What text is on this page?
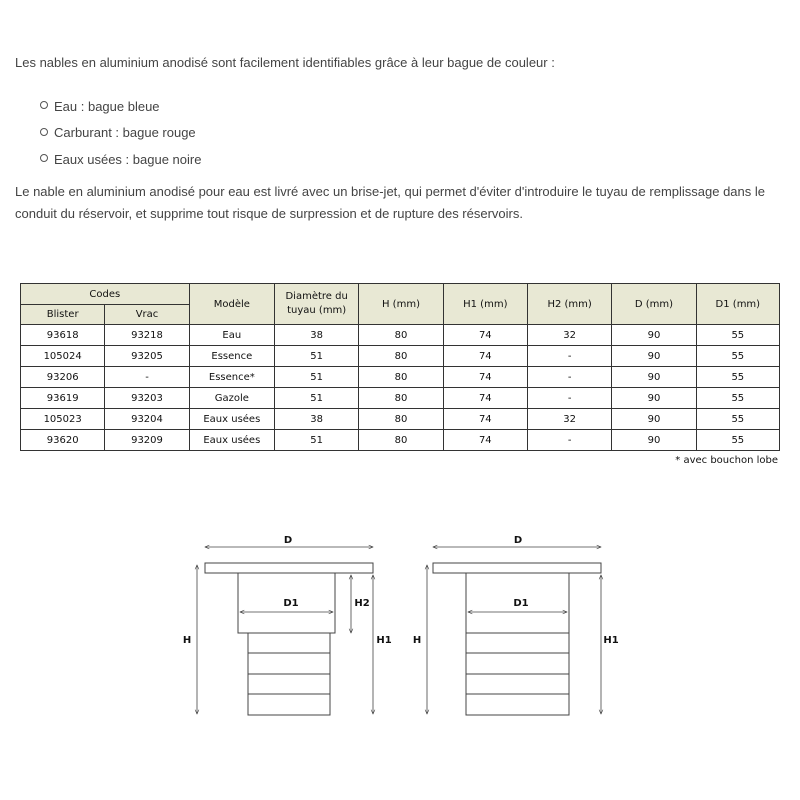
Les nables en aluminium anodisé sont facilement identifiables grâce à leur bague de couleur :

Eau : bague bleue
Carburant : bague rouge
Eaux usées : bague noire

Le nable en aluminium anodisé pour eau est livré avec un brise-jet, qui permet d'éviter d'introduire le tuyau de remplissage dans le conduit du réservoir, et supprime tout risque de surpression et de rupture des réservoirs.

Codes		Modèle	Diamètre du tuyau (mm)	H (mm)	H1 (mm)	H2 (mm)	D (mm)	D1 (mm)
Blister	Vrac							
93618	93218	Eau	38	80	74	32	90	55
105024	93205	Essence	51	80	74	-	90	55
93206	-	Essence*	51	80	74	-	90	55
93619	93203	Gazole	51	80	74	-	90	55
105023	93204	Eaux usées	38	80	74	32	90	55
93620	93209	Eaux usées	51	80	74	-	90	55
* avec bouchon lobe
D
D1
H
H2
H1
D
D1
H	H1
